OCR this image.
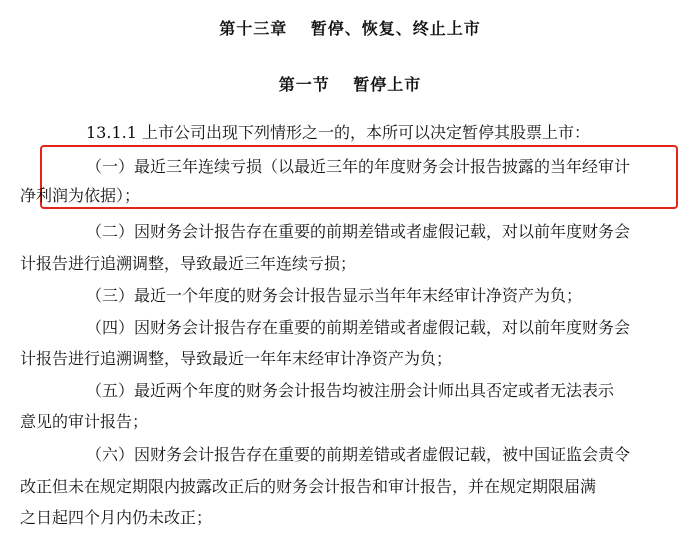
第十三章　 暂停、恢复、终止上市
第一节　 暂停上市
13.1.1 上市公司出现下列情形之一的，本所可以决定暂停其股票上市：
（一）最近三年连续亏损（以最近三年的年度财务会计报告披露的当年经审计
净利润为依据）；
（二）因财务会计报告存在重要的前期差错或者虚假记载，对以前年度财务会
计报告进行追溯调整，导致最近三年连续亏损；
（三）最近一个年度的财务会计报告显示当年年末经审计净资产为负；
（四）因财务会计报告存在重要的前期差错或者虚假记载，对以前年度财务会
计报告进行追溯调整，导致最近一年年末经审计净资产为负；
（五）最近两个年度的财务会计报告均被注册会计师出具否定或者无法表示
意见的审计报告；
（六）因财务会计报告存在重要的前期差错或者虚假记载，被中国证监会责令
改正但未在规定期限内披露改正后的财务会计报告和审计报告，并在规定期限届满
之日起四个月内仍未改正；
